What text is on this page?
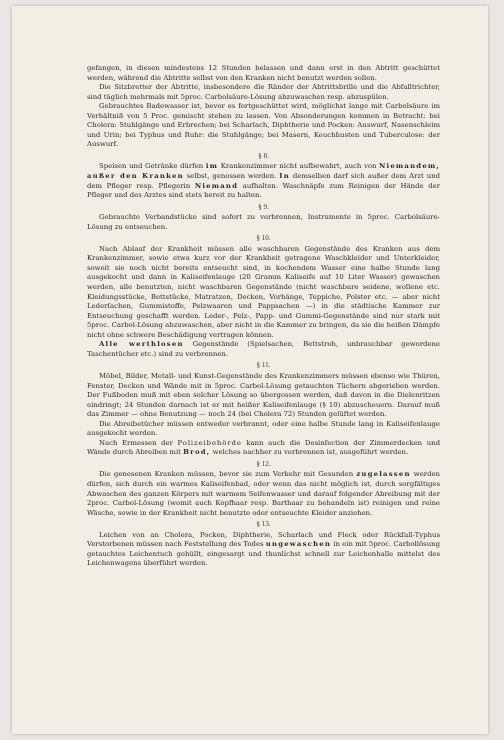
gefangen, in diesen mindestens 12 Stunden belassen und dann erst in den Abtritt geschüttet werden, während die Abtritte selbst von den Kranken nicht benutzt werden sollen.

Die Sitzbretter der Abtritte, insbesondere die Ränder der Abtrittsbrille und die Abfalltrichter, sind täglich mehrmals mit 5proc. Carbolsäure-Lösung abzuwaschen resp. abzuspülen.

Gebrauchtes Badewasser ist, bevor es fortgeschüttet wird, möglichst lange mit Carbolsäure im Verhältniß von 5 Proc. gemischt stehen zu lassen. Von Absonderungen kommen in Betracht: bei Cholera: Stuhlgänge und Erbrechen; bei Scharlach, Diphtherie und Pocken: Auswurf, Nasenschleim und Urin; bei Typhus und Ruhr: die Stuhlgänge; bei Masern, Keuchhusten und Tuberculose: der Auswurf.

§ 8.

Speisen und Getränke dürfen im Krankenzimmer nicht aufbewahrt, auch von Niemandem, außer den Kranken selbst, genossen werden. In demselben darf sich außer dem Arzt und dem Pfleger resp. Pflegerin Niemand aufhalten. Waschnäpfe zum Reinigen der Hände der Pfleger und des Arztes sind stets bereit zu halten.

§ 9.

Gebrauchte Verbandstücke sind sofort zu verbrennen, Instrumente in 5proc. Carbolsäure-Lösung zu entseuchen.

§ 10.

Nach Ablauf der Krankheit müssen alle waschbaren Gegenstände des Kranken aus dem Krankenzimmer, sowie etwa kurz vor der Krankheit getragene Waschkleider und Unterkleider, soweit sie noch nicht bereits entseucht sind, in kochendem Wasser eine halbe Stunde lang ausgekocht und dann in Kaliseifenlauge (20 Gramm Kaliseife auf 10 Liter Wasser) gewaschen werden, alle benutzten, nicht waschbaren Gegenstände (nicht waschbare seidene, wollene etc. Kleidungsstücke, Bettstücke, Matratzen, Decken, Vorhänge, Teppiche, Polster etc. — aber nicht Lederſachen, Gummistoffe, Pelzwaaren und Pappsachen —) in die städtische Kammer zur Entseuchung geschafft werden. Leder-, Pelz-, Papp- und Gummi-Gegenstände sind nur stark mit 5proc. Carbol-Lösung abzuwaschen, aber nicht in die Kammer zu bringen, da sie die heißen Dämpfe nicht ohne schwere Beschädigung vertragen können.

Alle werthlosen Gegenstände (Spielsachen, Bettstroh, unbrauchbar gewordene Taschentücher etc.) sind zu verbrennen.

§ 11.

Möbel, Bilder, Metall- und Kunst-Gegenstände des Krankenzimmers müssen ebenso wie Thüren, Fenster, Decken und Wände mit in 5proc. Carbol-Lösung getauchten Tüchern abgerieben werden. Der Fußboden muß mit eben solcher Lösung so übergossen werden, daß davon in die Dielenritzen eindringt; 24 Stunden darnach ist er mit heißer Kaliseifenlauge (§ 10) abzuscheuern. Darauf muß das Zimmer — ohne Benutzung — noch 24 (bei Cholera 72) Stunden gelüftet werden.

Die Abreibetücher müssen entweder verbrannt, oder eine halbe Stunde lang in Kaliseifenlauge ausgekocht werden.

Nach Ermessen der Polizeibehörde kann auch die Desinfection der Zimmerdecken und Wände durch Abreiben mit Brod, welches nachher zu verbrennen ist, ausgeführt werden.

§ 12.

Die genesenen Kranken müssen, bevor sie zum Verkehr mit Gesunden zugelassen werden dürfen, sich durch ein warmes Kaliseifenbad, oder wenn das nicht möglich ist, durch sorgfältiges Abwaschen des ganzen Körpers mit warmem Seifenwasser und darauf folgender Abreibung mit der 2proc. Carbol-Lösung (womit auch Kopfhaar resp. Barthaar zu behandeln ist) reinigen und reine Wäsche, sowie in der Krankheit nicht benutzte oder entseuchte Kleider anziehen.

§ 13.

Leichen von an Cholera, Pocken, Diphtherie, Scharlach und Fleck oder Rückfall-Typhus Verstorbenen müssen nach Feststellung des Todes ungewaschen in ein mit 5proc. Carbollösung getauchtes Leichentuch gehüllt, eingesargt und thunlichst schnell zur Leichenhalle mittelst des Leichenwagens überführt werden.
